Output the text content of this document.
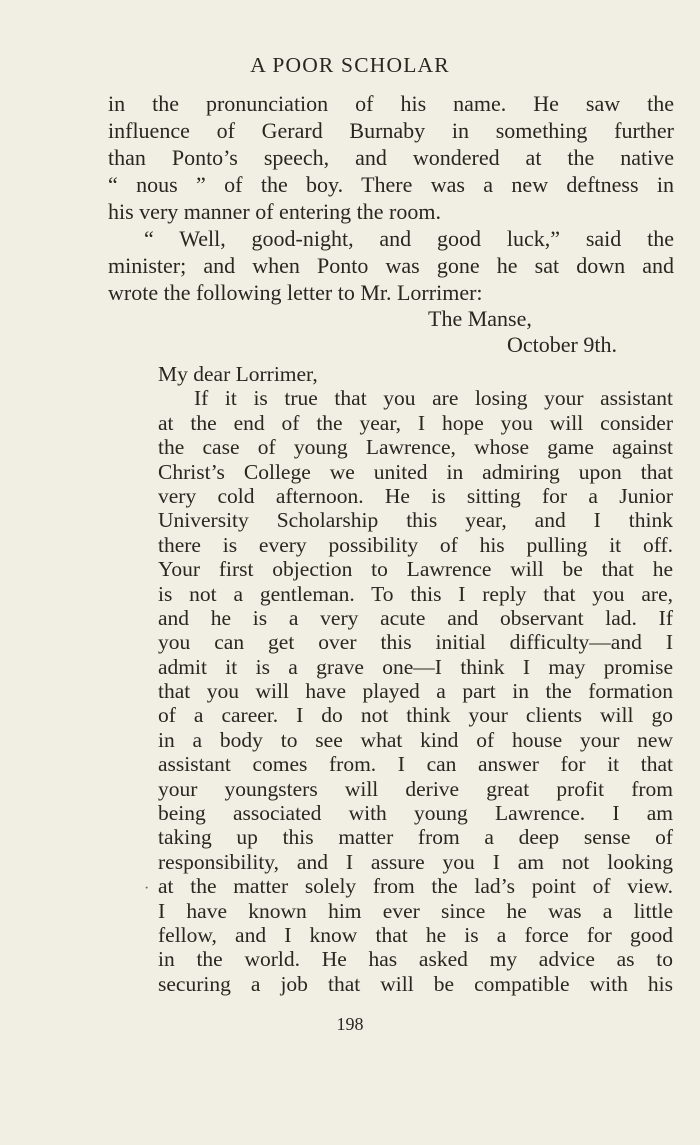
A POOR SCHOLAR
in the pronunciation of his name. He saw the
influence of Gerard Burnaby in something further
than Ponto’s speech, and wondered at the native
“ nous ” of the boy. There was a new deftness in
his very manner of entering the room.
“ Well, good-night, and good luck,” said the
minister; and when Ponto was gone he sat down and
wrote the following letter to Mr. Lorrimer:
The Manse,
October 9th.
My dear Lorrimer,
If it is true that you are losing your assistant
at the end of the year, I hope you will consider
the case of young Lawrence, whose game against
Christ’s College we united in admiring upon that
very cold afternoon. He is sitting for a Junior
University Scholarship this year, and I think
there is every possibility of his pulling it off.
Your first objection to Lawrence will be that he
is not a gentleman. To this I reply that you are,
and he is a very acute and observant lad. If
you can get over this initial difficulty—and I
admit it is a grave one—I think I may promise
that you will have played a part in the formation
of a career. I do not think your clients will go
in a body to see what kind of house your new
assistant comes from. I can answer for it that
your youngsters will derive great profit from
being associated with young Lawrence. I am
taking up this matter from a deep sense of
responsibility, and I assure you I am not looking
at the matter solely from the lad’s point of view.
I have known him ever since he was a little
fellow, and I know that he is a force for good
in the world. He has asked my advice as to
securing a job that will be compatible with his
·
198
